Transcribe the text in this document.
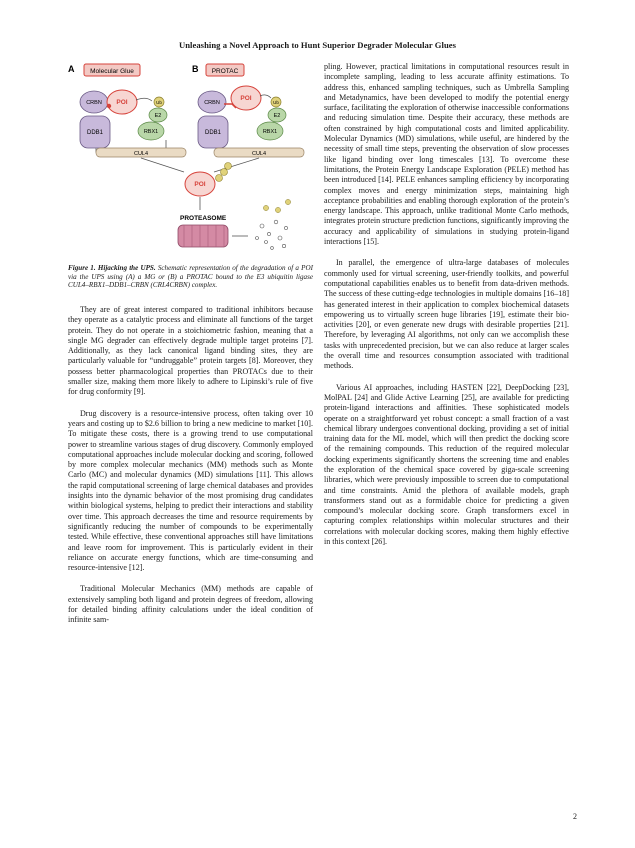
Unleashing a Novel Approach to Hunt Superior Degrader Molecular Glues
A Molecular Glue
CRBN POI
DDB1
Ub
E2
RBX1
B PROTAC
CRBN
POI
DDB1
Ub
E2
RBX1
CUL4	CUL4
POI
PROTEASOME
Figure 1. Hijacking the UPS. Schematic representation of the degradation of a POI via the UPS using (A) a MG or (B) a PROTAC bound to the E3 ubiquitin ligase CUL4–RBX1–DDB1–CRBN (CRL4CRBN) complex.

They are of great interest compared to traditional inhibitors because they operate as a catalytic process and eliminate all functions of the target protein. They do not operate in a stoichiometric fashion, meaning that a single MG degrader can effectively degrade multiple target proteins [7]. Additionally, as they lack canonical ligand binding sites, they are particularly valuable for “undruggable” protein targets [8]. Moreover, they possess better pharmacological properties than PROTACs due to their smaller size, making them more likely to adhere to Lipinski’s rule of five for drug conformity [9].

Drug discovery is a resource-intensive process, often taking over 10 years and costing up to $2.6 billion to bring a new medicine to market [10]. To mitigate these costs, there is a growing trend to use computational power to streamline various stages of drug discovery. Commonly employed computational approaches include molecular docking and scoring, followed by more complex molecular mechanics (MM) methods such as Monte Carlo (MC) and molecular dynamics (MD) simulations [11]. This allows the rapid computational screening of large chemical databases and provides insights into the dynamic behavior of the most promising drug candidates within biological systems, helping to predict their interactions and stability over time. This approach decreases the time and resource requirements by significantly reducing the number of compounds to be experimentally tested. While effective, these conventional approaches still have limitations and leave room for improvement. This is particularly evident in their reliance on accurate energy functions, which are time-consuming and resource-intensive [12].

Traditional Molecular Mechanics (MM) methods are capable of extensively sampling both ligand and protein degrees of freedom, allowing for detailed binding affinity calculations under the ideal condition of infinite sam-

pling. However, practical limitations in computational resources result in incomplete sampling, leading to less accurate affinity estimations. To address this, enhanced sampling techniques, such as Umbrella Sampling and Metadynamics, have been developed to modify the potential energy surface, facilitating the exploration of otherwise inaccessible conformations and reducing simulation time. Despite their accuracy, these methods are often constrained by high computational costs and limited applicability. Molecular Dynamics (MD) simulations, while useful, are hindered by the necessity of small time steps, preventing the observation of slow processes like ligand binding over long timescales [13]. To overcome these limitations, the Protein Energy Landscape Exploration (PELE) method has been introduced [14]. PELE enhances sampling efficiency by incorporating complex moves and energy minimization steps, maintaining high acceptance probabilities and enabling thorough exploration of the protein’s energy landscape. This approach, unlike traditional Monte Carlo methods, integrates protein structure prediction functions, significantly improving the accuracy and applicability of simulations in studying protein-ligand interactions [15].

In parallel, the emergence of ultra-large databases of molecules commonly used for virtual screening, user-friendly toolkits, and powerful computational capabilities enables us to benefit from data-driven methods. The success of these cutting-edge technologies in multiple domains [16–18] has generated interest in their application to complex biochemical datasets empowering us to virtually screen huge libraries [19], estimate their bio-activities [20], or even generate new drugs with desirable properties [21]. Therefore, by leveraging AI algorithms, not only can we accomplish these tasks with unprecedented precision, but we can also reduce at larger scales the overall time and resources consumption associated with traditional methods.

Various AI approaches, including HASTEN [22], DeepDocking [23], MolPAL [24] and Glide Active Learning [25], are available for predicting protein-ligand interactions and affinities. These sophisticated models operate on a straightforward yet robust concept: a small fraction of a vast chemical library undergoes conventional docking, providing a set of initial training data for the ML model, which will then predict the docking score of the remaining compounds. This reduction of the required molecular docking experiments significantly shortens the screening time and enables the exploration of the chemical space covered by giga-scale screening libraries, which were previously impossible to screen due to computational and time constraints. Amid the plethora of available models, graph transformers stand out as a formidable choice for predicting a given compound’s molecular docking score. Graph transformers excel in capturing complex relationships within molecular structures and their correlations with molecular docking scores, making them highly effective in this context [26].

2
